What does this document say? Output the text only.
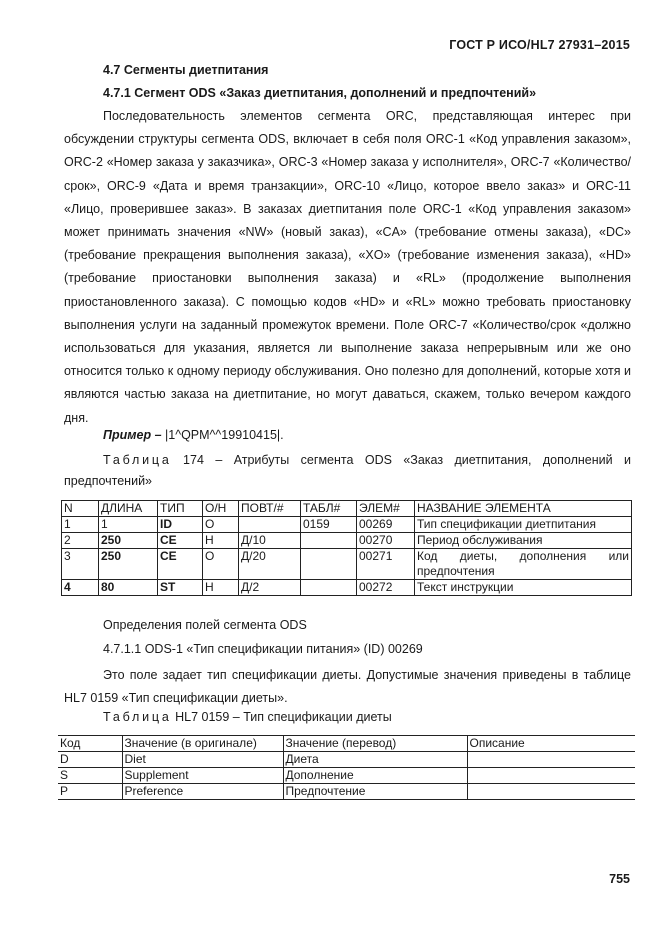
ГОСТ Р ИСО/HL7 27931–2015
4.7 Сегменты диетпитания
4.7.1 Сегмент ODS «Заказ диетпитания, дополнений и предпочтений»
Последовательность элементов сегмента ORC, представляющая интерес при обсуждении структуры сегмента ODS, включает в себя поля ORC-1 «Код управления заказом», ORC-2 «Номер заказа у заказчика», ORC-3 «Номер заказа у исполнителя», ORC-7 «Количество/срок», ORC-9 «Дата и время транзакции», ORC-10 «Лицо, которое ввело заказ» и ORC-11 «Лицо, проверившее заказ». В заказах диетпитания поле ORC-1 «Код управления заказом» может принимать значения «NW» (новый заказ), «CA» (требование отмены заказа), «DC» (требование прекращения выполнения заказа), «XO» (требование изменения заказа), «HD» (требование приостановки выполнения заказа) и «RL» (продолжение выполнения приостановленного заказа). С помощью кодов «HD» и «RL» можно требовать приостановку выполнения услуги на заданный промежуток времени. Поле ORC-7 «Количество/срок «должно использоваться для указания, является ли выполнение заказа непрерывным или же оно относится только к одному периоду обслуживания. Оно полезно для дополнений, которые хотя и являются частью заказа на диетпитание, но могут даваться, скажем, только вечером каждого дня.
Пример – |1^QPM^^19910415|.
Таблица 174 – Атрибуты сегмента ODS «Заказ диетпитания, дополнений и предпочтений»
N	ДЛИНА	ТИП	О/Н	ПОВТ/#	ТАБЛ#	ЭЛЕМ#	НАЗВАНИЕ ЭЛЕМЕНТА
1	1	ID	О		0159	00269	Тип спецификации диетпитания
2	250	CE	Н	Д/10		00270	Период обслуживания
3	250	CE	О	Д/20		00271	Код диеты, дополнения или предпочтения
4	80	ST	Н	Д/2		00272	Текст инструкции
Определения полей сегмента ODS
4.7.1.1 ODS-1 «Тип спецификации питания» (ID) 00269
Это поле задает тип спецификации диеты. Допустимые значения приведены в таблице HL7 0159 «Тип спецификации диеты».
Таблица HL7 0159 – Тип спецификации диеты
Код	Значение (в оригинале)	Значение (перевод)	Описание
D	Diet	Диета	
S	Supplement	Дополнение	
P	Preference	Предпочтение	
755
